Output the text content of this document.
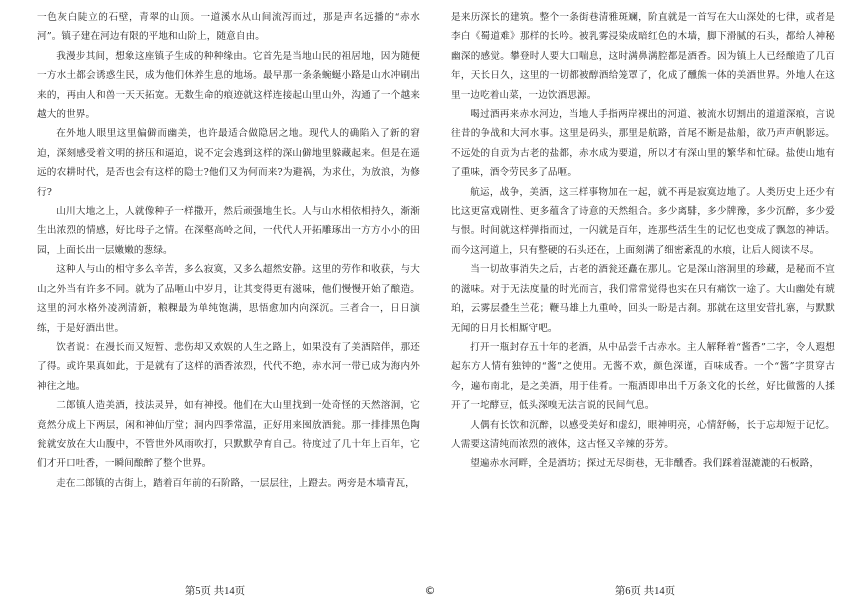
一色灰白陡立的石壁，青翠的山顶。一道溪水从山间流泻而过，那是声名远播的“赤水河”。镇子建在河边有限的平地和山阶上，随意自由。

我漫步其间，想象这座镇子生成的种种缘由。它首先是当地山民的祖居地，因为随便一方水土都会诱惑生民，成为他们休养生息的地场。最早那一条条蜿蜒小路是山水冲刷出来的，再由人和兽一天天拓宽。无数生命的痕迹就这样连接起山里山外，沟通了一个越来越大的世界。

在外地人眼里这里偏僻而幽美，也许最适合做隐居之地。现代人的确陷入了新的窘迫，深刻感受着文明的挤压和逼迫，说不定会逃到这样的深山僻地里躲藏起来。但是在遥远的农耕时代，是否也会有这样的隐士?他们又为何而来?为避祸，为求仕，为放浪，为修行?

山川大地之上，人就像种子一样撒开，然后顽强地生长。人与山水相依相持久，渐渐生出浓烈的情感，好比母子之情。在深壑高岭之间，一代代人开拓雕琢出一方方小小的田园，上面长出一层嫩嫩的葱绿。

这种人与山的相守多么辛苦，多么寂寞，又多么超然安静。这里的劳作和收获，与大山之外当有许多不同。就为了品咂山中岁月，让其变得更有滋味，他们慢慢开始了酿造。这里的河水格外凌冽清新，粮粿最为单纯饱满，思悟愈加内向深沉。三者合一，日日演练，于是好酒出世。

饮者说：在漫长而又短暂、悲伤却又欢娱的人生之路上，如果没有了美酒陪伴，那还了得。或许果真如此，于是就有了这样的酒香浓烈，代代不绝，赤水河一带已成为海内外神往之地。

二郎镇人造美酒，技法灵异，如有神授。他们在大山里找到一处奇怪的天然溶洞，它竟然分成上下两层，闲和神仙厅堂；洞内四季常温，正好用来囤放酒瓮。那一排排黑色陶瓮就安放在大山腹中，不管世外风雨吹打，只默默孕育自己。待度过了几十年上百年，它们才开口吐香，一瞬间酿醉了整个世界。

走在二郎镇的古街上，踏着百年前的石阶路，一层层往，上蹬去。两旁是木墙青瓦，

是来历深长的建筑。整个一条街巷清雅斑斓，阶直就是一首写在大山深处的七律，或者是李白《蜀道难》那样的长吟。被乳雾浸染成暗红色的木墙，脚下滑腻的石头，都给人神秘幽深的感觉。攀登时人要大口喘息，这时满鼻满腔都是酒香。因为镇上人已经酿造了几百年，天长日久，这里的一切都被醇酒给笼罩了，化成了醺熊一体的美酒世界。外地人在这里一边吃着山菜，一边饮酒思源。

喝过酒再来赤水河边，当地人手指两岸裸出的河道、被流水切割出的道道深痕，言说往昔的争战和大河水事。这里是码头，那里是航路，首尾不断是盐船，欲乃声声帆影远。不远处的自贡为古老的盐都，赤水成为要道，所以才有深山里的繁华和忙碌。盐使山地有了重味，酒令劳民多了品咂。

航运，战争，美酒，这三样事物加在一起，就不再是寂寞边地了。人类历史上还少有比这更富戏剧性、更多蕴含了诗意的天然组合。多少离騑，多少牌豫，多少沉醉，多少爱与恨。时间就这样弹指而过，一闪就是百年，连那些活生生的记忆也变成了飘忽的神话。而今这河道上，只有整硬的石头还在，上面刻满了细密紊乱的水痕，让后人阅读不尽。

当一切故事消失之后，古老的酒瓮还矗在那儿。它是深山溶洞里的珍藏，是秘而不宣的滋味。对于无法度量的时光而言，我们常常觉得也实在只有痛饮一途了。大山幽处有琥珀，云雾层叠生兰花；鞭马雄上九重岭，回头一盼是古刹。那就在这里安营扎寨，与默默无闻的日月长相厮守吧。

打开一瓶封存五十年的老酒，从中品尝千古赤水。主人解释着“酱香”二字，令人遐想起东方人情有独钟的“酱”之使用。无酱不欢，颜色深谨，百味成香。一个“酱”字贯穿古今，遍布南北，是之美酒，用于佳肴。一瓶酒即串出千万条文化的长丝，好比做酱的人揉开了一坨酵豆，低头深嗅无法言说的民间气息。

人偶有长饮和沉醉，以感受美好和虚幻，眼神明亮，心情舒畅，长于忘却短于记忆。人需要这清纯而浓烈的液体，这古怪又辛辣的芬芳。

望遍赤水河畔，全是酒坊；探过无尽街巷，无非醺香。我们踩着湿漉漉的石板路，

第5页 共14页	©	第6页 共14页
